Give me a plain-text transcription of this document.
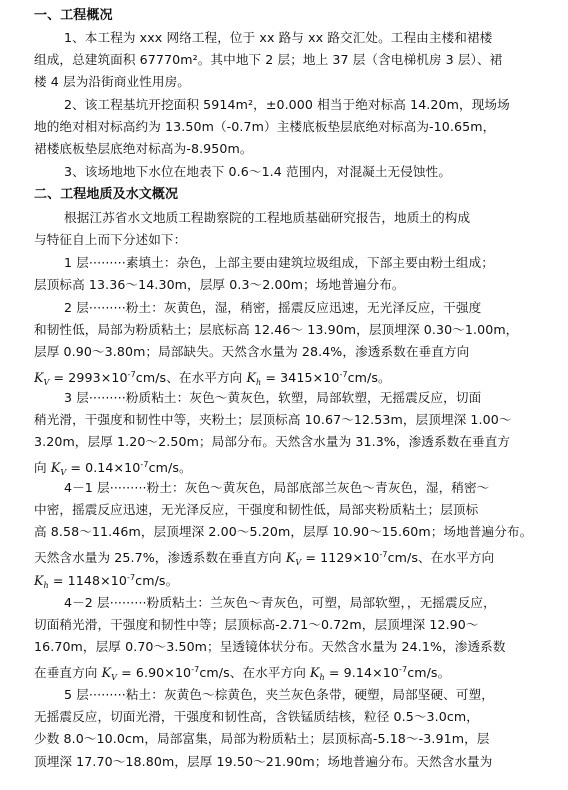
一、工程概况
1、本工程为 xxx 网络工程，位于 xx 路与 xx 路交汇处。工程由主楼和裙楼
组成，总建筑面积 67770m²。其中地下 2 层；地上 37 层（含电梯机房 3 层）、裙
楼 4 层为沿街商业性用房。
2、该工程基坑开挖面积 5914m²，±0.000 相当于绝对标高 14.20m，现场场
地的绝对相对标高约为 13.50m（-0.7m）主楼底板垫层底绝对标高为-10.65m，
裙楼底板垫层底绝对标高为-8.950m。
3、该场地地下水位在地表下 0.6～1.4 范围内，对混凝土无侵蚀性。
二、工程地质及水文概况
根据江苏省水文地质工程勘察院的工程地质基础研究报告，地质土的构成
与特征自上而下分述如下：
1 层·········素填土：杂色，上部主要由建筑垃圾组成，下部主要由粉土组成；
层顶标高 13.36～14.30m，层厚 0.3～2.00m；场地普遍分布。
2 层·········粉土：灰黄色，湿，稍密，摇震反应迅速，无光泽反应，干强度
和韧性低，局部为粉质粘土；层底标高 12.46～ 13.90m，层顶埋深 0.30～1.00m，
层厚 0.90～3.80m；局部缺失。天然含水量为 28.4%，渗透系数在垂直方向
$K_V = 2993\times 10^{-7}cm/s$、在水平方向 $K_h = 3415\times 10^{-7}cm/s$。
3 层·········粉质粘土：灰色～黄灰色，软塑，局部软塑，无摇震反应，切面
稍光滑，干强度和韧性中等，夹粉土；层顶标高 10.67～12.53m，层顶埋深 1.00～
3.20m，层厚 1.20～2.50m；局部分布。天然含水量为 31.3%，渗透系数在垂直方
向 $K_V = 0.14\times 10^{-7}cm/s$。
4－1 层·········粉土：灰色～黄灰色，局部底部兰灰色～青灰色，湿，稍密～
中密，摇震反应迅速，无光泽反应，干强度和韧性低，局部夹粉质粘土；层顶标
高 8.58～11.46m，层顶埋深 2.00～5.20m，层厚 10.90～15.60m；场地普遍分布。
天然含水量为 25.7%，渗透系数在垂直方向 $K_V = 1129\times 10^{-7}cm/s$、在水平方向
$K_h = 1148\times 10^{-7}cm/s$。
4－2 层·········粉质粘土：兰灰色～青灰色，可塑，局部软塑，，无摇震反应，
切面稍光滑，干强度和韧性中等；层顶标高-2.71～0.72m，层顶埋深 12.90～
16.70m，层厚 0.70～3.50m；呈透镜体状分布。天然含水量为 24.1%，渗透系数
在垂直方向 $K_V = 6.90\times 10^{-7}cm/s$、在水平方向 $K_h = 9.14\times 10^{-7}cm/s$。
5 层·········粘土：灰黄色～棕黄色，夹兰灰色条带，硬塑，局部坚硬、可塑，
无摇震反应，切面光滑，干强度和韧性高，含铁锰质结核，粒径 0.5～3.0cm，
少数 8.0～10.0cm，局部富集，局部为粉质粘土；层顶标高-5.18～-3.91m，层
顶埋深 17.70～18.80m，层厚 19.50～21.90m；场地普遍分布。天然含水量为
